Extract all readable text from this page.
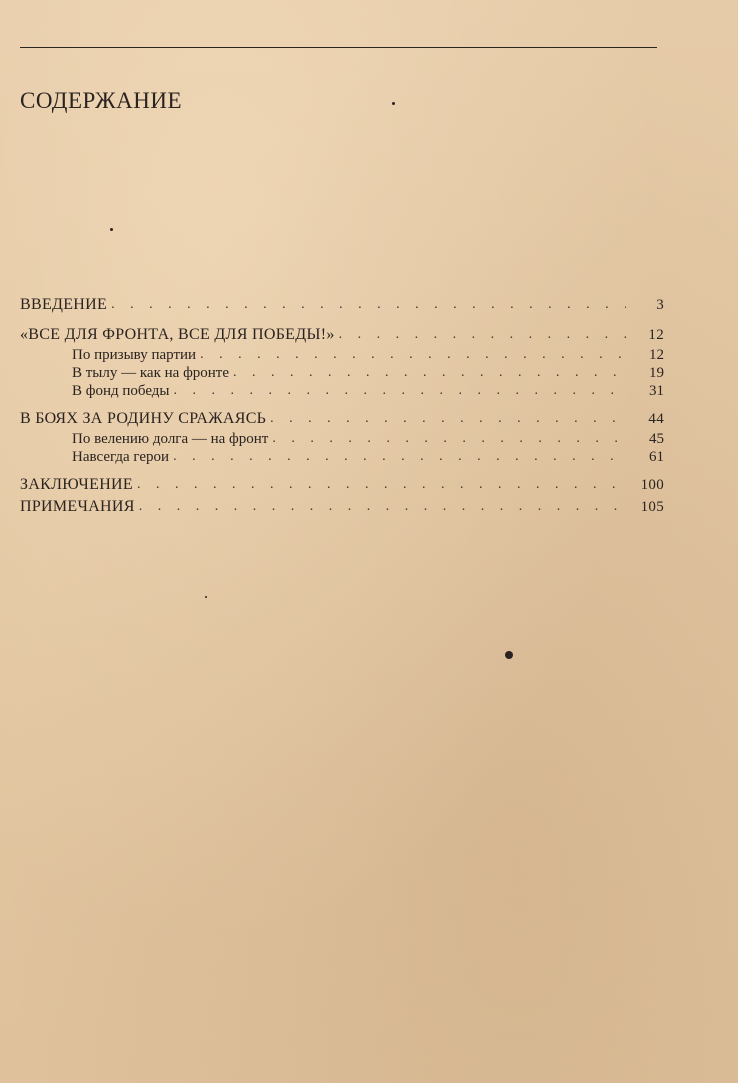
СОДЕРЖАНИЕ
ВВЕДЕНИЕ . . .	3
«ВСЕ ДЛЯ ФРОНТА, ВСЕ ДЛЯ ПОБЕДЫ!» . . .	12
По призыву партии . . .	12
В тылу — как на фронте . . .	19
В фонд победы . . .	31
В БОЯХ ЗА РОДИНУ СРАЖАЯСЬ . . .	44
По велению долга — на фронт . . .	45
Навсегда герои . . .	61
ЗАКЛЮЧЕНИЕ . . .	100
ПРИМЕЧАНИЯ . . .	105
